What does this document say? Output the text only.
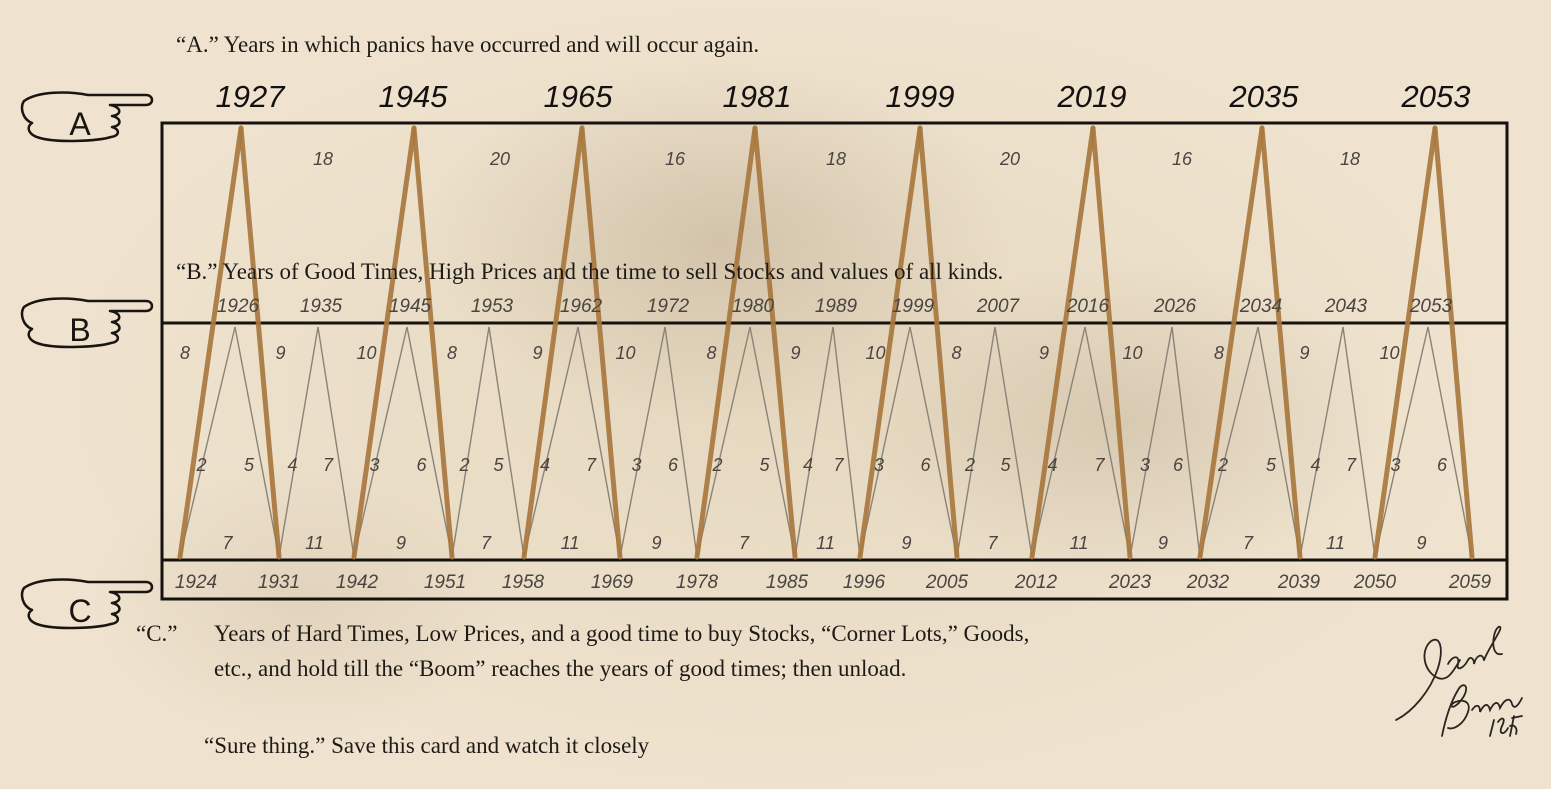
“A.” Years in which panics have occurred and will occur again.
1927	1945	1965	1981	1999	2019	2035	2053
18	20	16	18	20	16	18
1926 1935 1945 1953 1962 1972 1980 1989 1999 2007	2016 2026 2034 2043 2053
8	9	10	8	9	10	8	9	10	8	9	10	8	9	10
2	4	3	2	4	3	2	4	3	2	4	3	2	4	3
5	7	6	5	7	6	5	7	6	5	7	6	5	7	6
7	11	9	7	11	9	7	11	9	7	11	9	7	11	9
1924 1931 1942 1951 1958 1969 1978	1985 1996 2005 2012	2023 2032	2039 2050	2059
“B.” Years of Good Times, High Prices and the time to sell Stocks and values of all kinds.
A
B
C
“C.” Years of Hard Times, Low Prices, and a good time to buy Stocks, “Corner Lots,” Goods,
etc., and hold till the “Boom” reaches the years of good times; then unload.
“Sure thing.” Save this card and watch it closely
